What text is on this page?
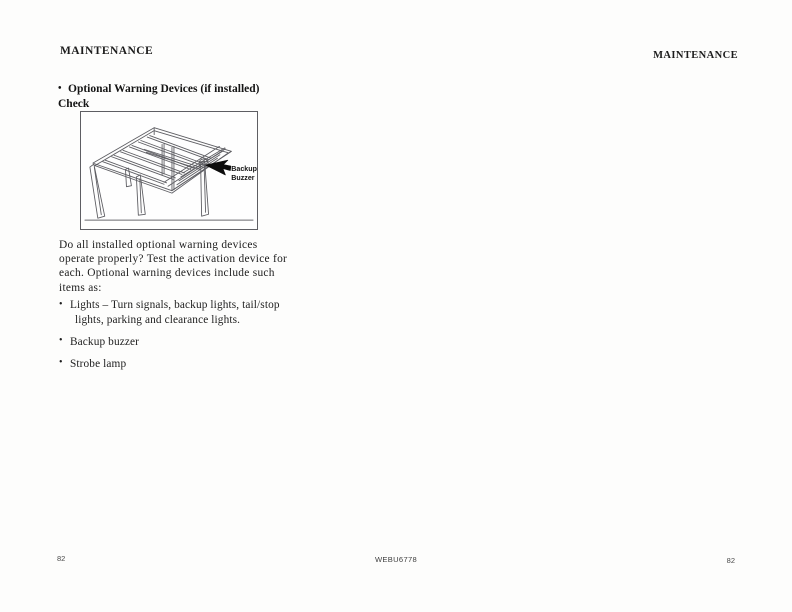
MAINTENANCE	MAINTENANCE
• Optional Warning Devices (if installed)
Check
Backup
Buzzer
Do all installed optional warning devices operate properly? Test the activation device for each. Optional warning devices include such items as:
• Lights – Turn signals, backup lights, tail/stop
lights, parking and clearance lights.
• Backup buzzer
• Strobe lamp
82	WEBU6778	82
